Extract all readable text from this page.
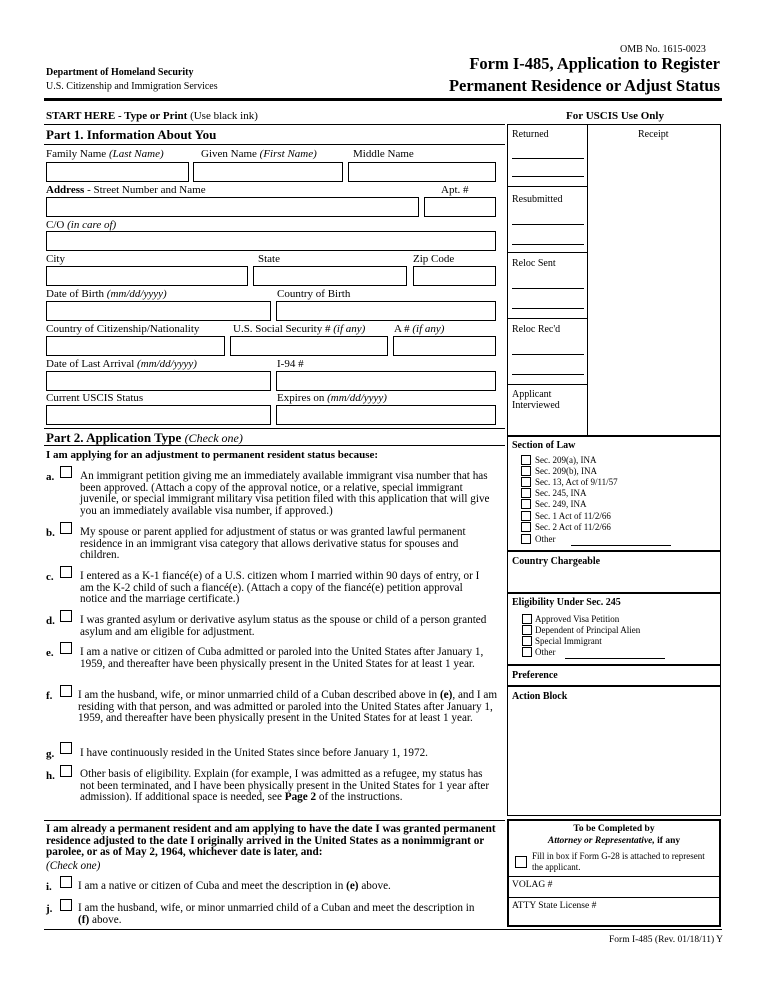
OMB No. 1615-0023
Department of Homeland Security
U.S. Citizenship and Immigration Services
Form I-485, Application to Register
Permanent Residence or Adjust Status
START HERE - Type or Print (Use black ink)
Part 1. Information About You
Family Name (Last Name)	Given Name (First Name)	Middle Name
Address - Street Number and Name	Apt. #
C/O (in care of)
City	State	Zip Code
Date of Birth (mm/dd/yyyy)	Country of Birth
Country of Citizenship/Nationality	U.S. Social Security # (if any)	A # (if any)
Date of Last Arrival (mm/dd/yyyy)	I-94 #
Current USCIS Status	Expires on (mm/dd/yyyy)
Part 2. Application Type (Check one)
I am applying for an adjustment to permanent resident status because:
a. An immigrant petition giving me an immediately available immigrant visa number that has been approved. (Attach a copy of the approval notice, or a relative, special immigrant juvenile, or special immigrant military visa petition filed with this application that will give you an immediately available visa number, if approved.)
b. My spouse or parent applied for adjustment of status or was granted lawful permanent residence in an immigrant visa category that allows derivative status for spouses and children.
c. I entered as a K-1 fiancé(e) of a U.S. citizen whom I married within 90 days of entry, or I am the K-2 child of such a fiancé(e). (Attach a copy of the fiancé(e) petition approval notice and the marriage certificate.)
d. I was granted asylum or derivative asylum status as the spouse or child of a person granted asylum and am eligible for adjustment.
e. I am a native or citizen of Cuba admitted or paroled into the United States after January 1, 1959, and thereafter have been physically present in the United States for at least 1 year.
f. I am the husband, wife, or minor unmarried child of a Cuban described above in (e), and I am residing with that person, and was admitted or paroled into the United States after January 1, 1959, and thereafter have been physically present in the United States for at least 1 year.
g. I have continuously resided in the United States since before January 1, 1972.
h. Other basis of eligibility. Explain (for example, I was admitted as a refugee, my status has not been terminated, and I have been physically present in the United States for 1 year after admission). If additional space is needed, see Page 2 of the instructions.
I am already a permanent resident and am applying to have the date I was granted permanent residence adjusted to the date I originally arrived in the United States as a nonimmigrant or parolee, or as of May 2, 1964, whichever date is later, and:
(Check one)
i. I am a native or citizen of Cuba and meet the description in (e) above.
j. I am the husband, wife, or minor unmarried child of a Cuban and meet the description in (f) above.
For USCIS Use Only
Returned	Receipt
Resubmitted
Reloc Sent
Reloc Rec'd
Applicant
Interviewed
Section of Law
Sec. 209(a), INA
Sec. 209(b), INA
Sec. 13, Act of 9/11/57
Sec. 245, INA
Sec. 249, INA
Sec. 1 Act of 11/2/66
Sec. 2 Act of 11/2/66
Other
Country Chargeable
Eligibility Under Sec. 245
Approved Visa Petition
Dependent of Principal Alien
Special Immigrant
Other
Preference
Action Block
To be Completed by
Attorney or Representative, if any
Fill in box if Form G-28 is attached to represent the applicant.
VOLAG #
ATTY State License #
Form I-485 (Rev. 01/18/11) Y
